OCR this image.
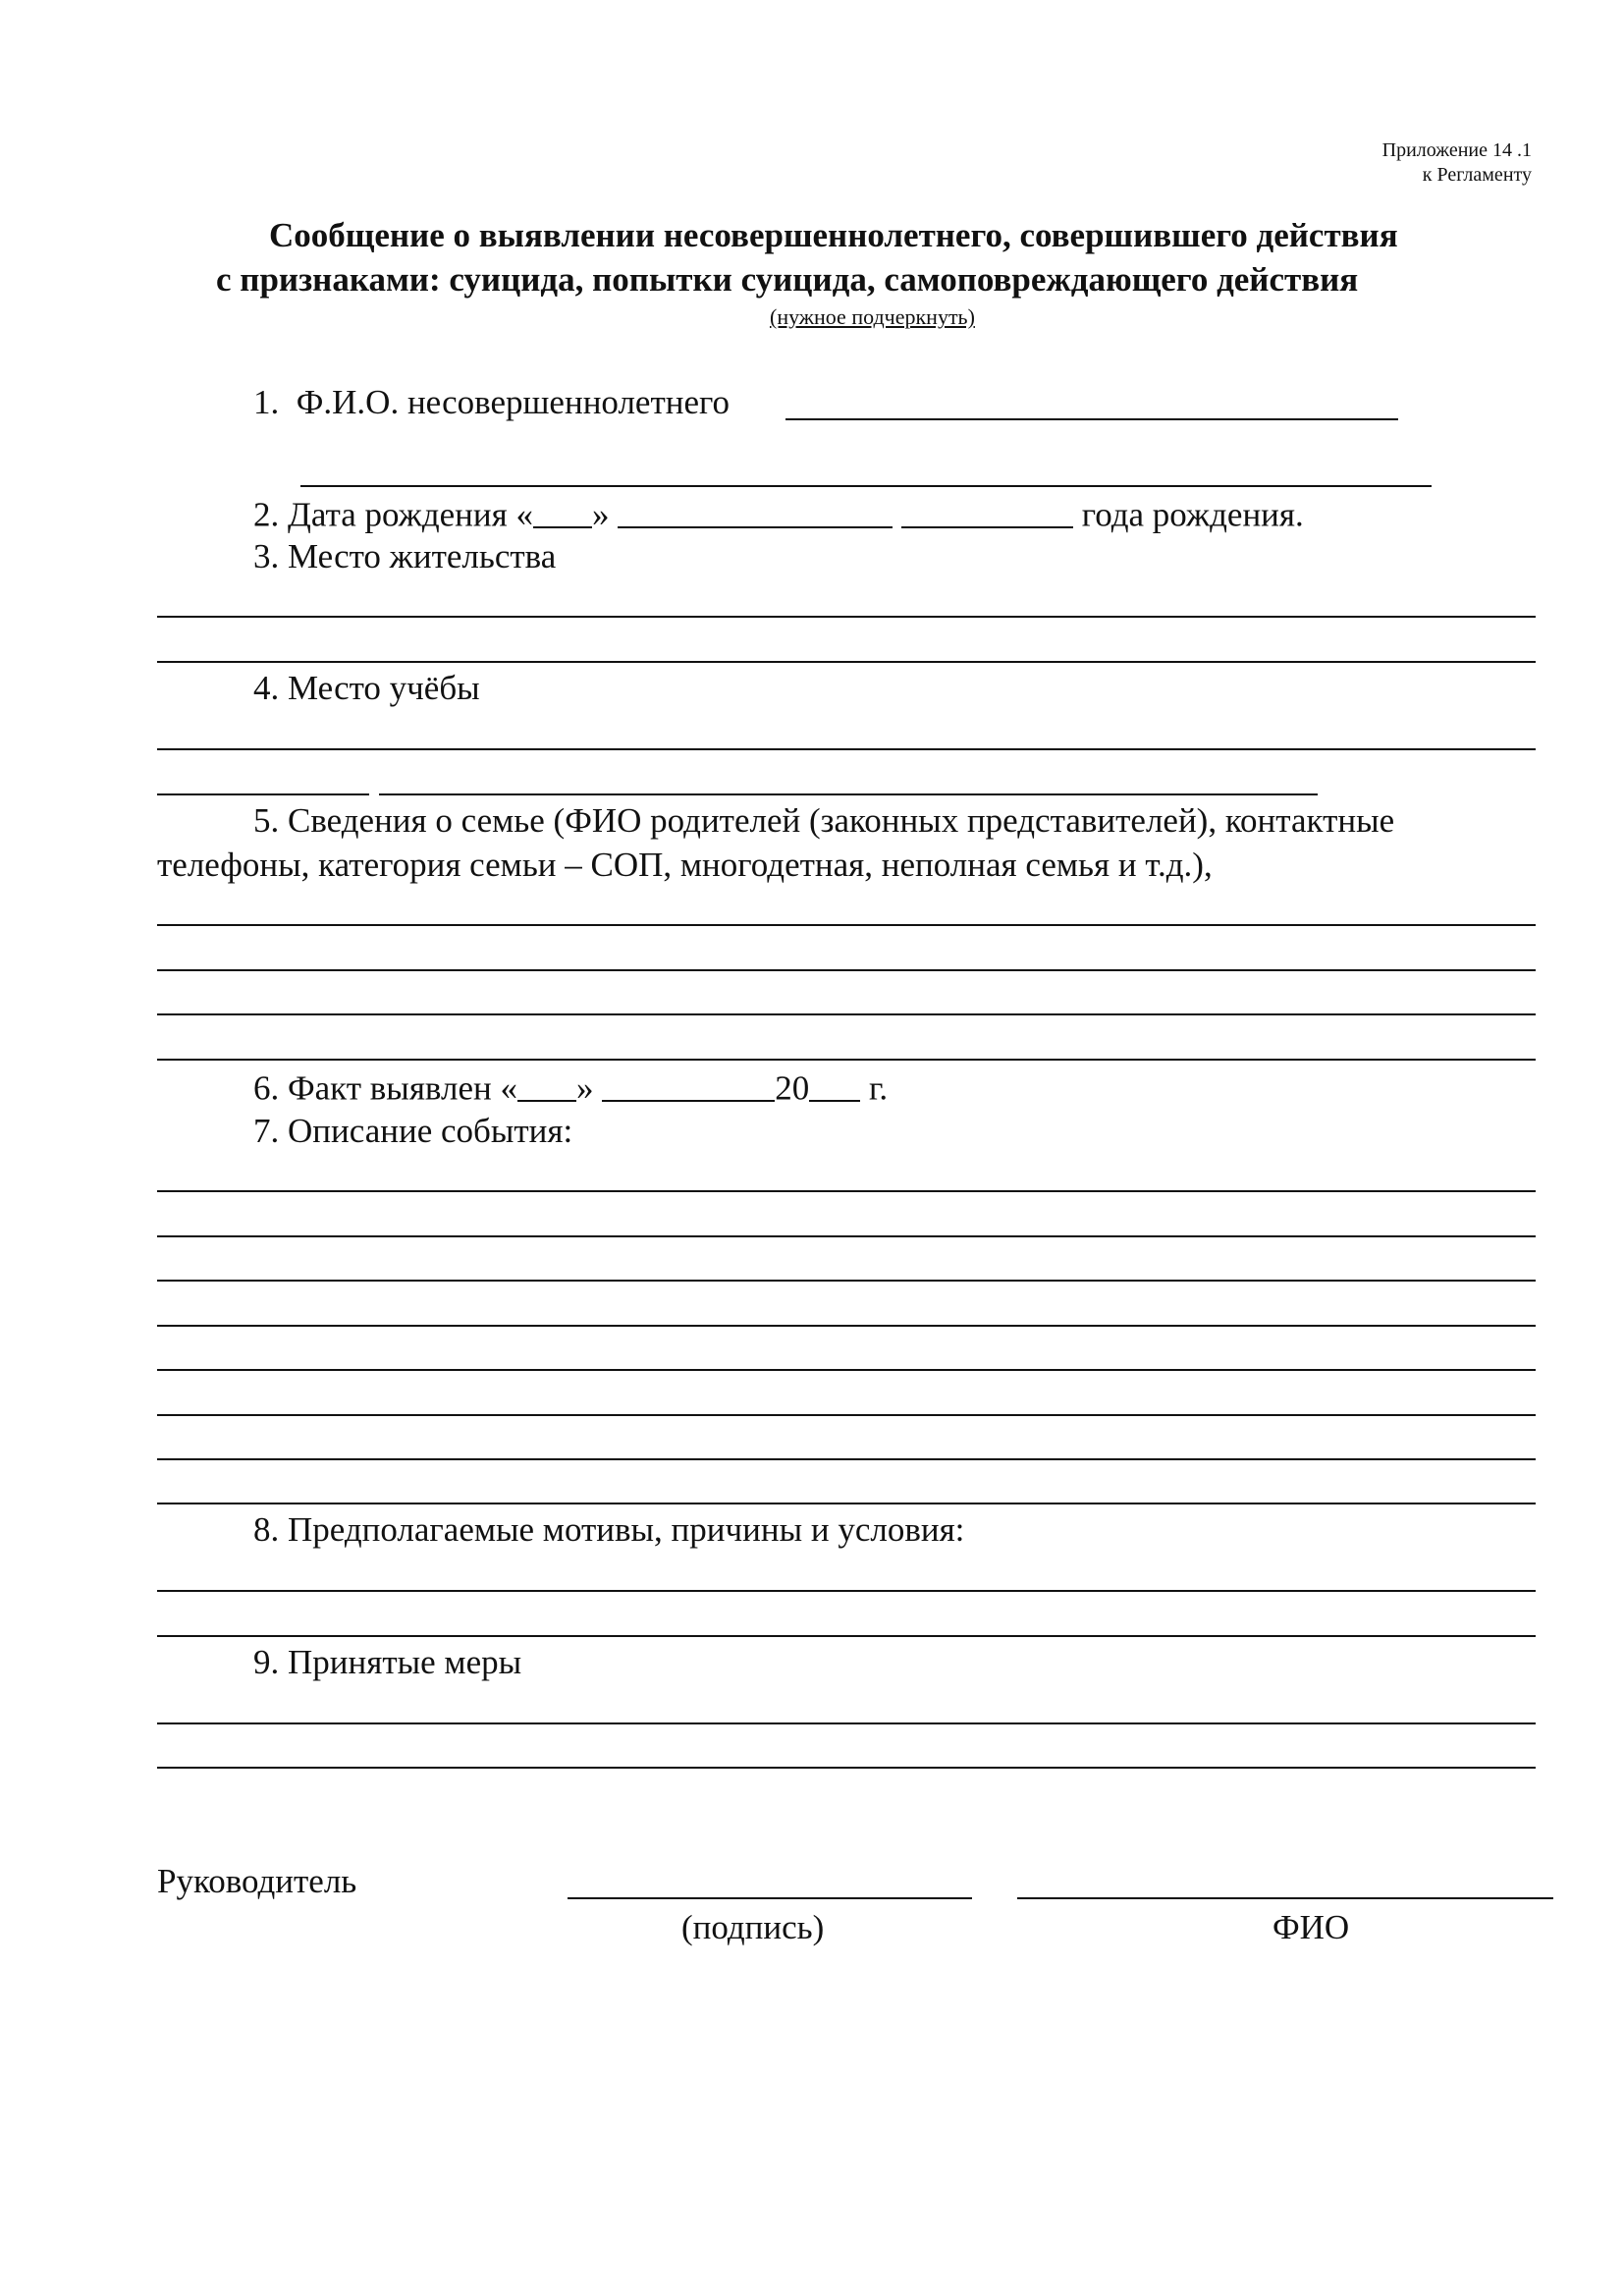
Приложение 14 .1
к Регламенту
Сообщение о выявлении несовершеннолетнего, совершившего действия
с признаками: суицида, попытки суицида, самоповреждающего действия
(нужное подчеркнуть)
1.  Ф.И.О. несовершеннолетнего
2. Дата рождения « »	года рождения.
3. Место жительства
4. Место учёбы
5. Сведения о семье (ФИО родителей (законных представителей), контактные
телефоны, категория семьи – СОП, многодетная, неполная семья и т.д.),
6. Факт выявлен « »	20 г.
7. Описание события:
8. Предполагаемые мотивы, причины и условия:
9. Принятые меры
Руководитель
(подпись)	ФИО
